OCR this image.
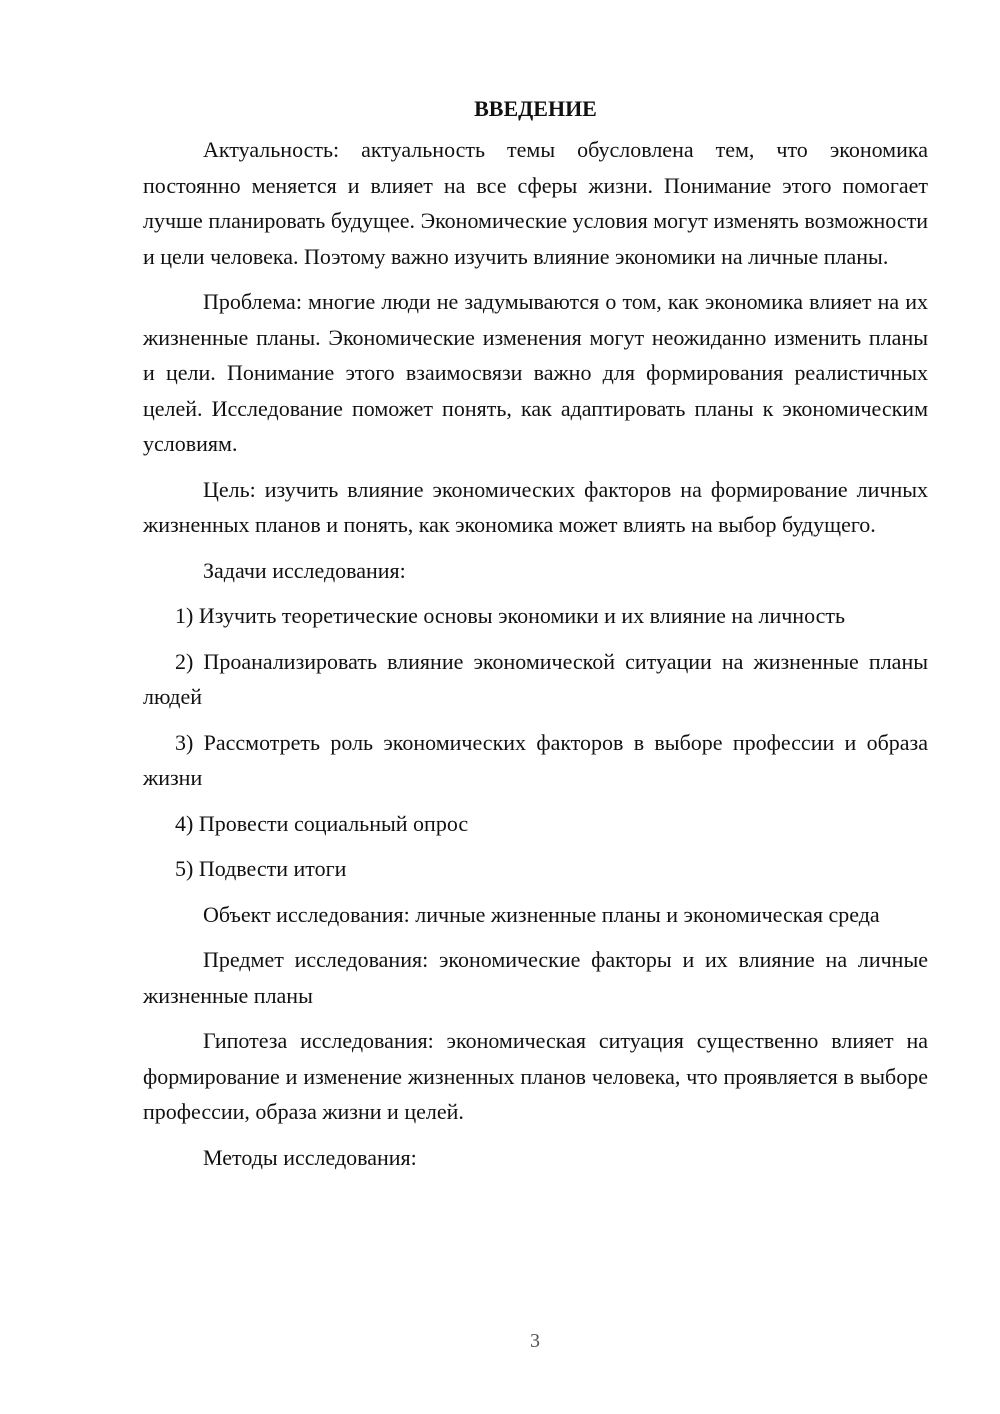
ВВЕДЕНИЕ

Актуальность: актуальность темы обусловлена тем, что экономика постоянно меняется и влияет на все сферы жизни. Понимание этого помогает лучше планировать будущее. Экономические условия могут изменять возможности и цели человека. Поэтому важно изучить влияние экономики на личные планы.

Проблема: многие люди не задумываются о том, как экономика влияет на их жизненные планы. Экономические изменения могут неожиданно изменить планы и цели. Понимание этого взаимосвязи важно для формирования реалистичных целей. Исследование поможет понять, как адаптировать планы к экономическим условиям.

Цель: изучить влияние экономических факторов на формирование личных жизненных планов и понять, как экономика может влиять на выбор будущего.

Задачи исследования:

1) Изучить теоретические основы экономики и их влияние на личность

2) Проанализировать влияние экономической ситуации на жизненные планы людей

3) Рассмотреть роль экономических факторов в выборе профессии и образа жизни

4) Провести социальный опрос

5) Подвести итоги

Объект исследования: личные жизненные планы и экономическая среда

Предмет исследования: экономические факторы и их влияние на личные жизненные планы

Гипотеза исследования: экономическая ситуация существенно влияет на формирование и изменение жизненных планов человека, что проявляется в выборе профессии, образа жизни и целей.

Методы исследования:

3
